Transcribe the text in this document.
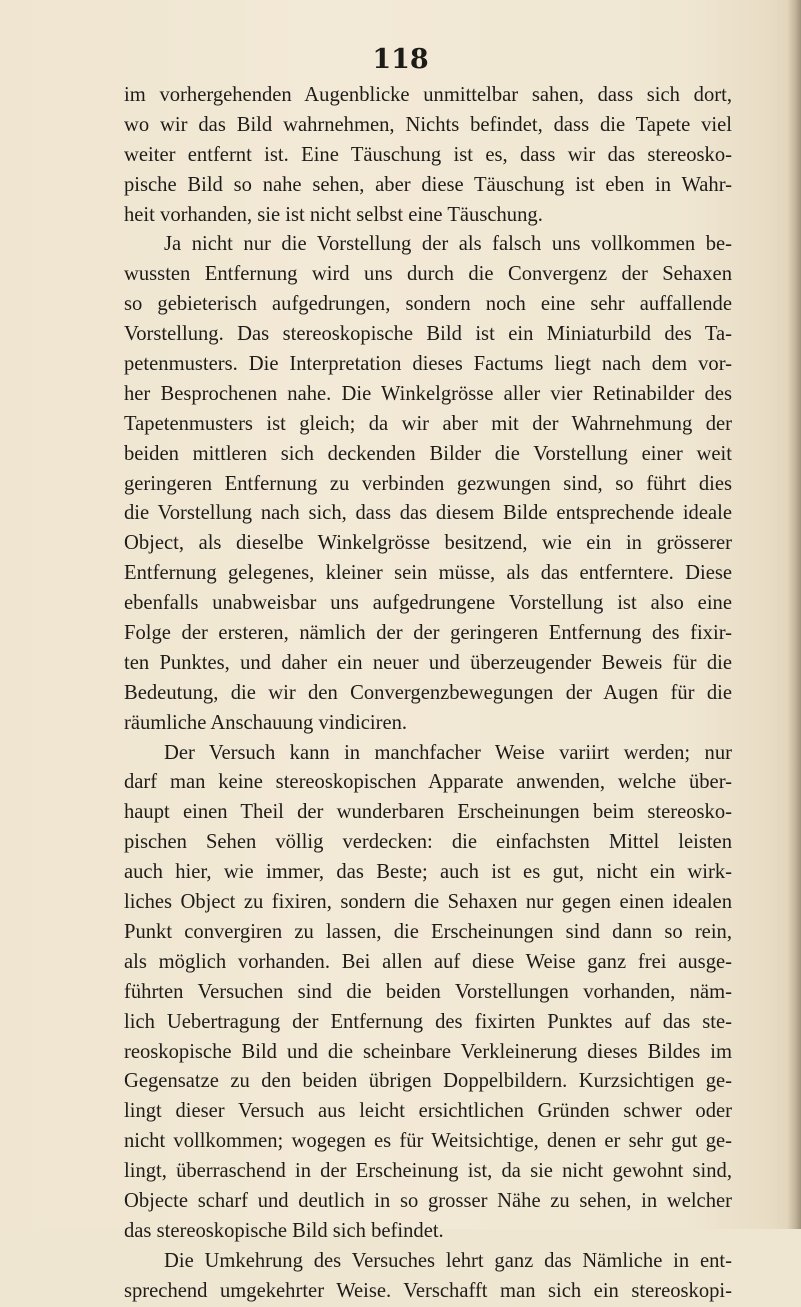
118
im vorhergehenden Augenblicke unmittelbar sahen, dass sich dort,
wo wir das Bild wahrnehmen, Nichts befindet, dass die Tapete viel
weiter entfernt ist. Eine Täuschung ist es, dass wir das stereosko-
pische Bild so nahe sehen, aber diese Täuschung ist eben in Wahr-
heit vorhanden, sie ist nicht selbst eine Täuschung.
Ja nicht nur die Vorstellung der als falsch uns vollkommen be-
wussten Entfernung wird uns durch die Convergenz der Sehaxen
so gebieterisch aufgedrungen, sondern noch eine sehr auffallende
Vorstellung. Das stereoskopische Bild ist ein Miniaturbild des Ta-
petenmusters. Die Interpretation dieses Factums liegt nach dem vor-
her Besprochenen nahe. Die Winkelgrösse aller vier Retinabilder des
Tapetenmusters ist gleich; da wir aber mit der Wahrnehmung der
beiden mittleren sich deckenden Bilder die Vorstellung einer weit
geringeren Entfernung zu verbinden gezwungen sind, so führt dies
die Vorstellung nach sich, dass das diesem Bilde entsprechende ideale
Object, als dieselbe Winkelgrösse besitzend, wie ein in grösserer
Entfernung gelegenes, kleiner sein müsse, als das entferntere. Diese
ebenfalls unabweisbar uns aufgedrungene Vorstellung ist also eine
Folge der ersteren, nämlich der der geringeren Entfernung des fixir-
ten Punktes, und daher ein neuer und überzeugender Beweis für die
Bedeutung, die wir den Convergenzbewegungen der Augen für die
räumliche Anschauung vindiciren.
Der Versuch kann in manchfacher Weise variirt werden; nur
darf man keine stereoskopischen Apparate anwenden, welche über-
haupt einen Theil der wunderbaren Erscheinungen beim stereosko-
pischen Sehen völlig verdecken: die einfachsten Mittel leisten
auch hier, wie immer, das Beste; auch ist es gut, nicht ein wirk-
liches Object zu fixiren, sondern die Sehaxen nur gegen einen idealen
Punkt convergiren zu lassen, die Erscheinungen sind dann so rein,
als möglich vorhanden. Bei allen auf diese Weise ganz frei ausge-
führten Versuchen sind die beiden Vorstellungen vorhanden, näm-
lich Uebertragung der Entfernung des fixirten Punktes auf das ste-
reoskopische Bild und die scheinbare Verkleinerung dieses Bildes im
Gegensatze zu den beiden übrigen Doppelbildern. Kurzsichtigen ge-
lingt dieser Versuch aus leicht ersichtlichen Gründen schwer oder
nicht vollkommen; wogegen es für Weitsichtige, denen er sehr gut ge-
lingt, überraschend in der Erscheinung ist, da sie nicht gewohnt sind,
Objecte scharf und deutlich in so grosser Nähe zu sehen, in welcher
das stereoskopische Bild sich befindet.
Die Umkehrung des Versuches lehrt ganz das Nämliche in ent-
sprechend umgekehrter Weise. Verschafft man sich ein stereoskopi-
